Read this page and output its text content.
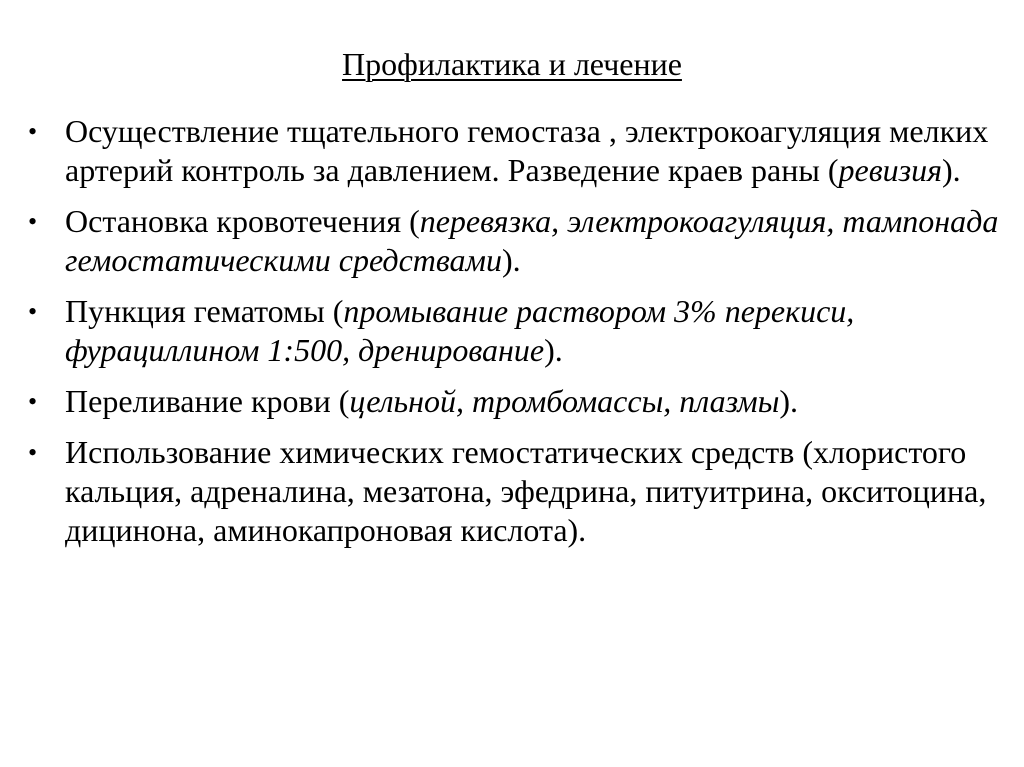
Профилактика и лечение
• Осуществление тщательного гемостаза , электрокоагуляция мелких артерий контроль за давлением. Разведение краев раны (ревизия).
• Остановка кровотечения (перевязка, электрокоагуляция, тампонада гемостатическими средствами).
• Пункция гематомы (промывание раствором 3% перекиси, фурациллином 1:500, дренирование).
• Переливание крови (цельной, тромбомассы, плазмы).
• Использование химических гемостатических средств (хлористого кальция, адреналина, мезатона, эфедрина, питуитрина, окситоцина, дицинона, аминокапроновая кислота).
